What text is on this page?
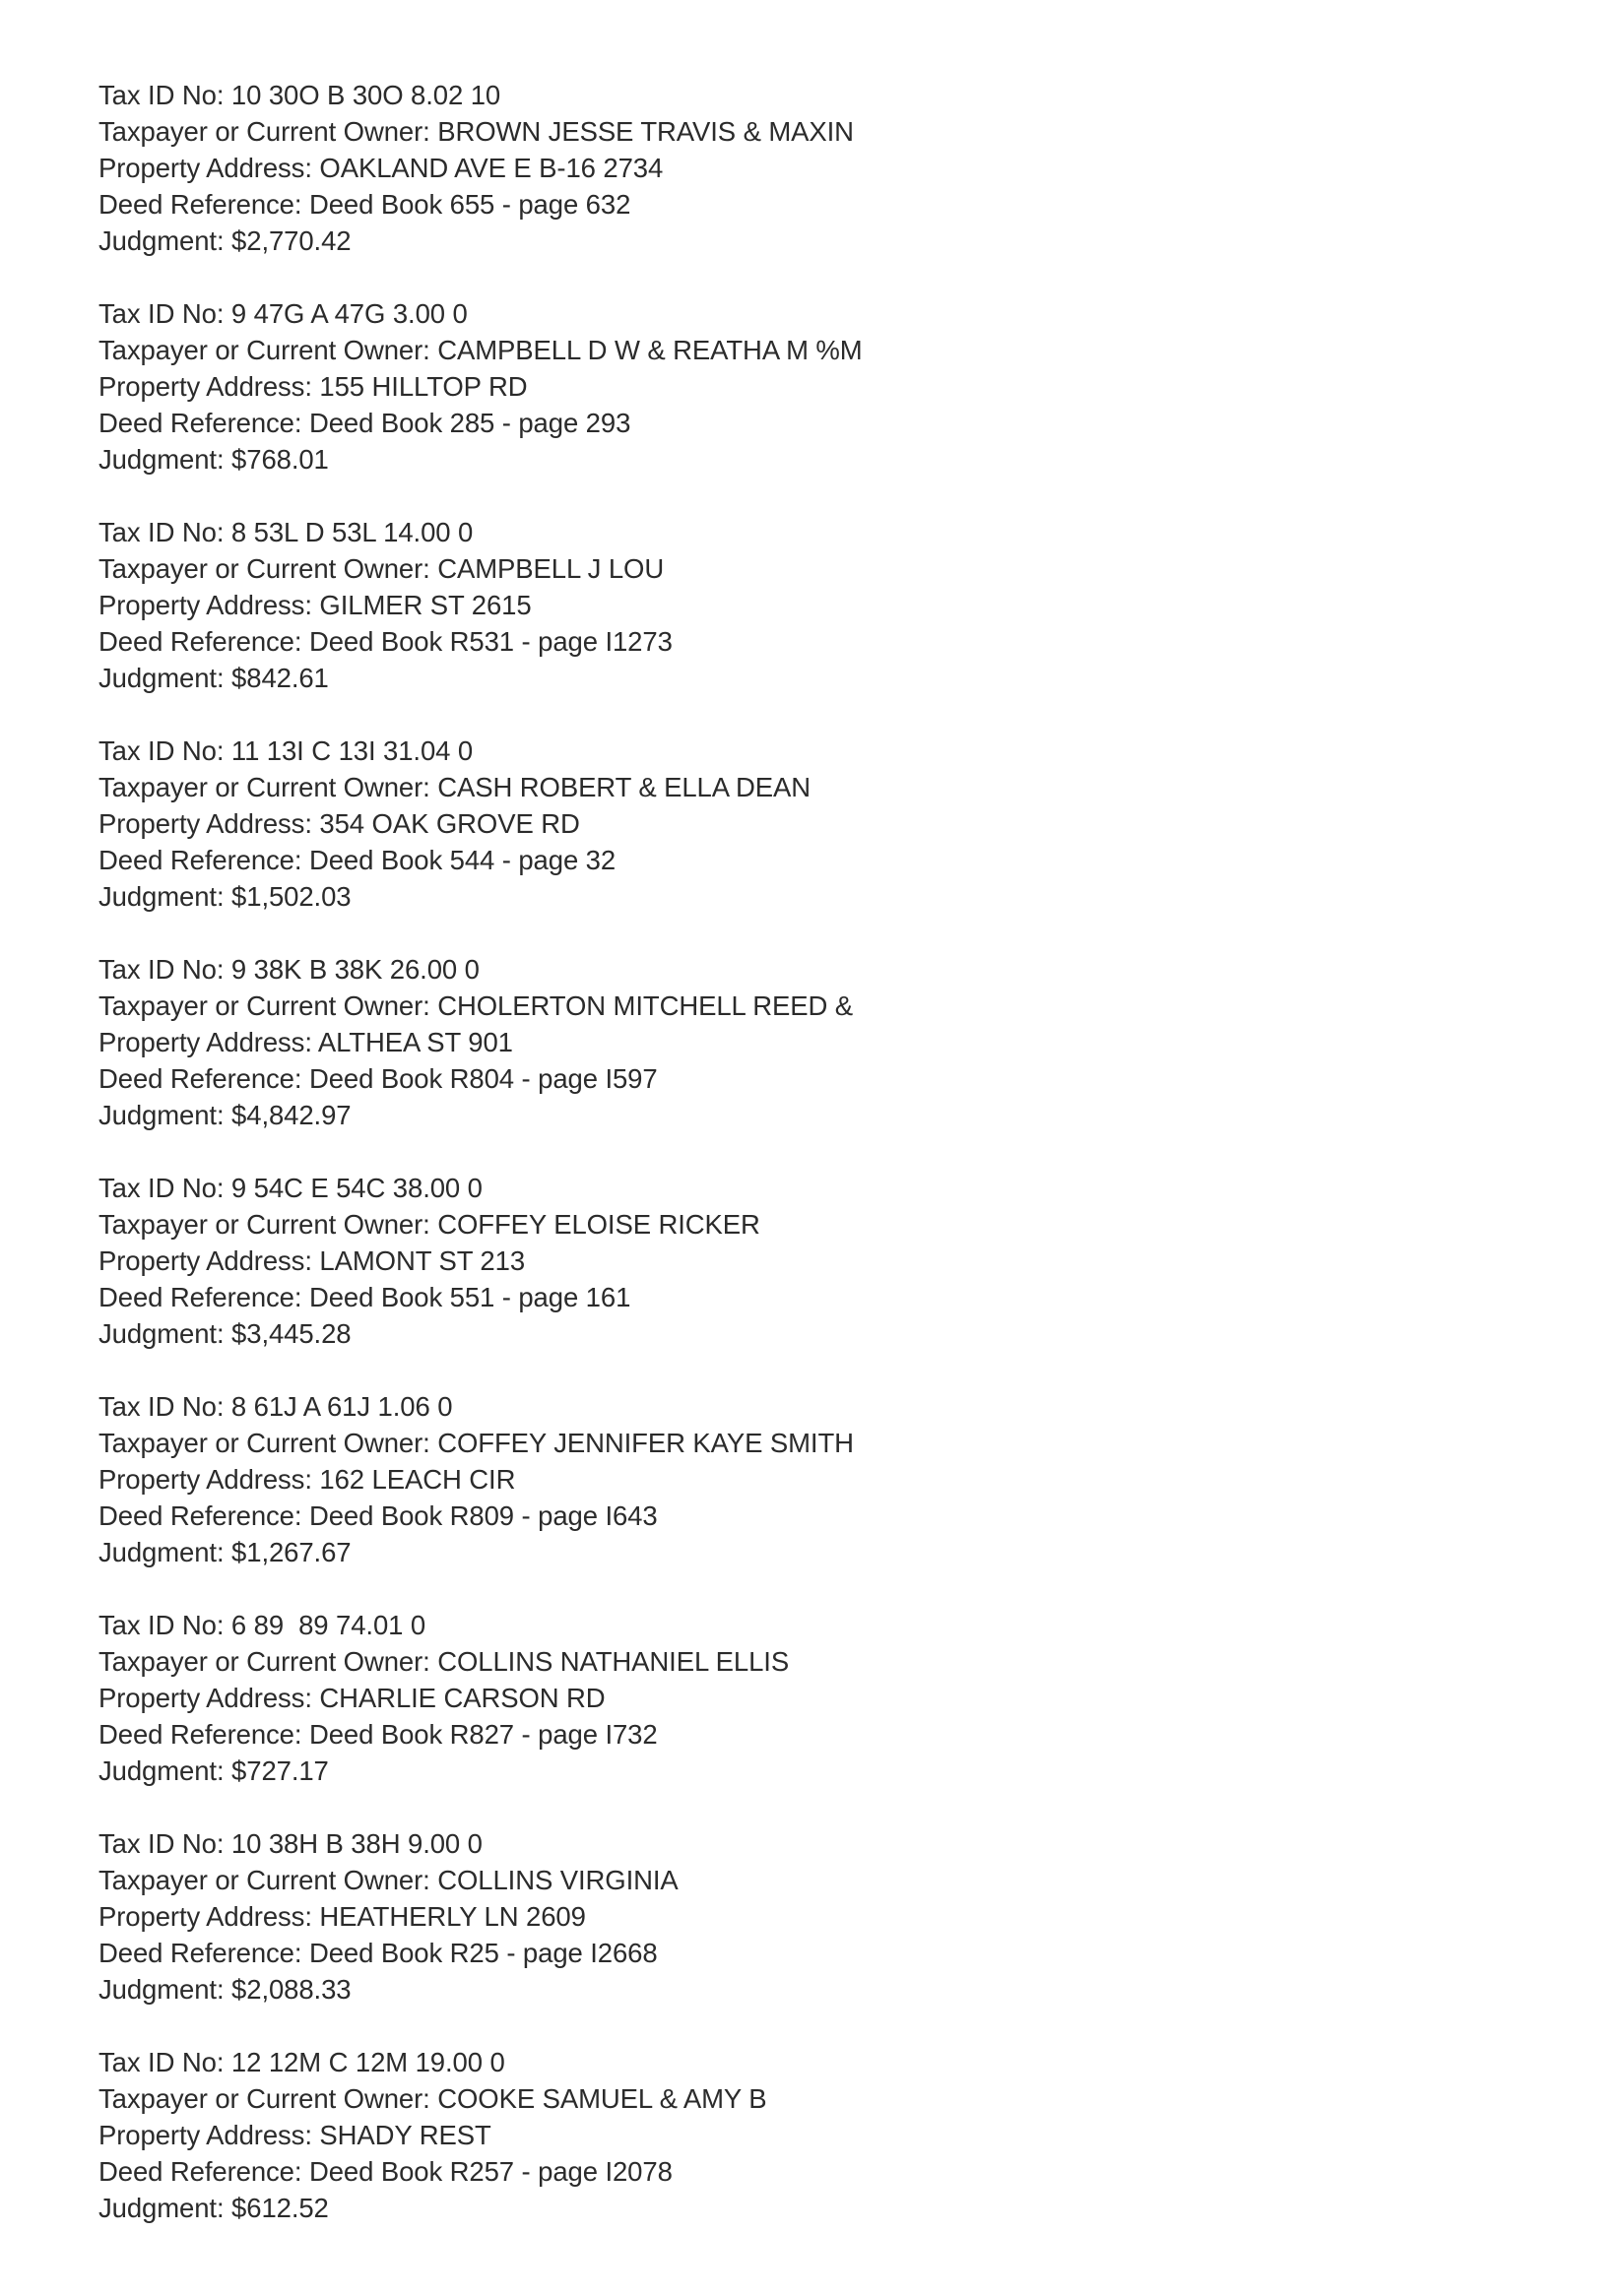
Tax ID No: 10 30O B 30O 8.02 10
Taxpayer or Current Owner: BROWN JESSE TRAVIS & MAXIN
Property Address: OAKLAND AVE E B-16 2734
Deed Reference: Deed Book 655 - page 632
Judgment: $2,770.42
Tax ID No: 9 47G A 47G 3.00 0
Taxpayer or Current Owner: CAMPBELL D W & REATHA M %M
Property Address: 155 HILLTOP RD
Deed Reference: Deed Book 285 - page 293
Judgment: $768.01
Tax ID No: 8 53L D 53L 14.00 0
Taxpayer or Current Owner: CAMPBELL J LOU
Property Address: GILMER ST 2615
Deed Reference: Deed Book R531 - page I1273
Judgment: $842.61
Tax ID No: 11 13I C 13I 31.04 0
Taxpayer or Current Owner: CASH ROBERT & ELLA DEAN
Property Address: 354 OAK GROVE RD
Deed Reference: Deed Book 544 - page 32
Judgment: $1,502.03
Tax ID No: 9 38K B 38K 26.00 0
Taxpayer or Current Owner: CHOLERTON MITCHELL REED &
Property Address: ALTHEA ST 901
Deed Reference: Deed Book R804 - page I597
Judgment: $4,842.97
Tax ID No: 9 54C E 54C 38.00 0
Taxpayer or Current Owner: COFFEY ELOISE RICKER
Property Address: LAMONT ST 213
Deed Reference: Deed Book 551 - page 161
Judgment: $3,445.28
Tax ID No: 8 61J A 61J 1.06 0
Taxpayer or Current Owner: COFFEY JENNIFER KAYE SMITH
Property Address: 162 LEACH CIR
Deed Reference: Deed Book R809 - page I643
Judgment: $1,267.67
Tax ID No: 6 89  89 74.01 0
Taxpayer or Current Owner: COLLINS NATHANIEL ELLIS
Property Address: CHARLIE CARSON RD
Deed Reference: Deed Book R827 - page I732
Judgment: $727.17
Tax ID No: 10 38H B 38H 9.00 0
Taxpayer or Current Owner: COLLINS VIRGINIA
Property Address: HEATHERLY LN 2609
Deed Reference: Deed Book R25 - page I2668
Judgment: $2,088.33
Tax ID No: 12 12M C 12M 19.00 0
Taxpayer or Current Owner: COOKE SAMUEL & AMY B
Property Address: SHADY REST
Deed Reference: Deed Book R257 - page I2078
Judgment: $612.52
